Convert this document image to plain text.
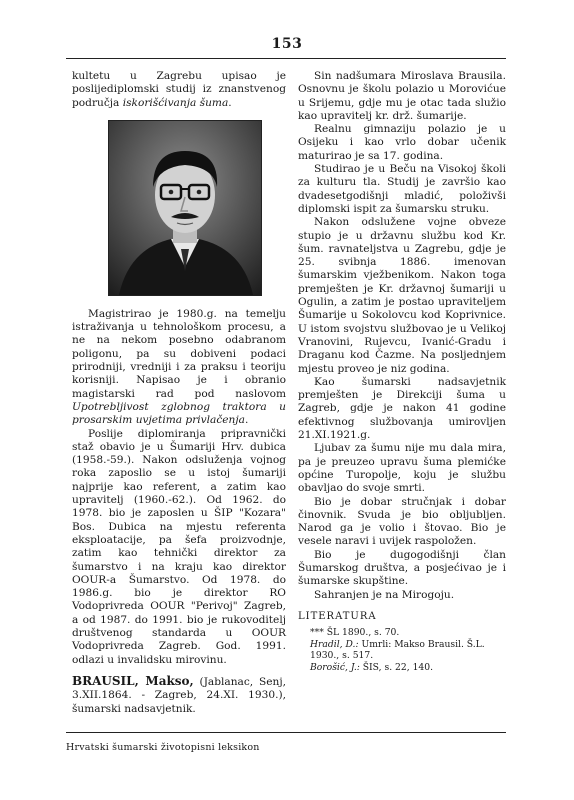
153

kultetu u Zagrebu upisao je poslijediplomski studij iz znanstvenog područja iskorišćivanja šuma.

Magistrirao je 1980.g. na temelju istraživanja u tehnološkom procesu, a ne na nekom posebno odabranom poligonu, pa su dobiveni podaci prirodniji, vredniji i za praksu i teoriju korisniji. Napisao je i obranio magistarski rad pod naslovom Upotrebljivost zglobnog traktora u prosarskim uvjetima privlačenja.

Poslije diplomiranja pripravnički staž obavio je u Šumariji Hrv. dubica (1958.-59.). Nakon odsluženja vojnog roka zaposlio se u istoj šumariji najprije kao referent, a zatim kao upravitelj (1960.-62.). Od 1962. do 1978. bio je zaposlen u ŠIP "Kozara" Bos. Dubica na mjestu referenta eksploatacije, pa šefa proizvodnje, zatim kao tehnički direktor za šumarstvo i na kraju kao direktor OOUR-a Šumarstvo. Od 1978. do 1986.g. bio je direktor RO Vodoprivreda OOUR "Perivoj" Zagreb, a od 1987. do 1991. bio je rukovoditelj društvenog standarda u OOUR Vodoprivreda Zagreb. God. 1991. odlazi u invalidsku mirovinu.

BRAUSIL, Makso, (Jablanac, Senj, 3.XII.1864. - Zagreb, 24.XI. 1930.), šumarski nadsavjetnik.

Sin nadšumara Miroslava Brausila. Osnovnu je školu polazio u Morovićue u Srijemu, gdje mu je otac tada služio kao upravitelj kr. drž. šumarije.

Realnu gimnaziju polazio je u Osijeku i kao vrlo dobar učenik maturirao je sa 17. godina.

Studirao je u Beču na Visokoj školi za kulturu tla. Studij je završio kao dvadesetgodišnji mladić, položivši diplomski ispit za šumarsku struku.

Nakon odslužene vojne obveze stupio je u državnu službu kod Kr. šum. ravnateljstva u Zagrebu, gdje je 25. svibnja 1886. imenovan šumarskim vježbenikom. Nakon toga premješten je Kr. državnoj šumariji u Ogulin, a zatim je postao upraviteljem Šumarije u Sokolovcu kod Koprivnice. U istom svojstvu službovao je u Velikoj Vranovini, Rujevcu, Ivanić-Gradu i Draganu kod Čazme. Na posljednjem mjestu proveo je niz godina.

Kao šumarski nadsavjetnik premješten je Direkciji šuma u Zagreb, gdje je nakon 41 godine efektivnog službovanja umirovljen 21.XI.1921.g.

Ljubav za šumu nije mu dala mira, pa je preuzeo upravu šuma plemićke općine Turopolje, koju je službu obavljao do svoje smrti.

Bio je dobar stručnjak i dobar činovnik. Svuda je bio obljubljen. Narod ga je volio i štovao. Bio je vesele naravi i uvijek raspoložen.

Bio je dugogodišnji član Šumarskog društva, a posjećivao je i šumarske skupštine.

Sahranjen je na Mirogoju.

LITERATURA

*** ŠL 1890., s. 70.

Hradil, D.: Umrli: Makso Brausil. Š.L. 1930., s. 517.

Borošić, J.: ŠIS, s. 22, 140.

Hrvatski šumarski životopisni leksikon
